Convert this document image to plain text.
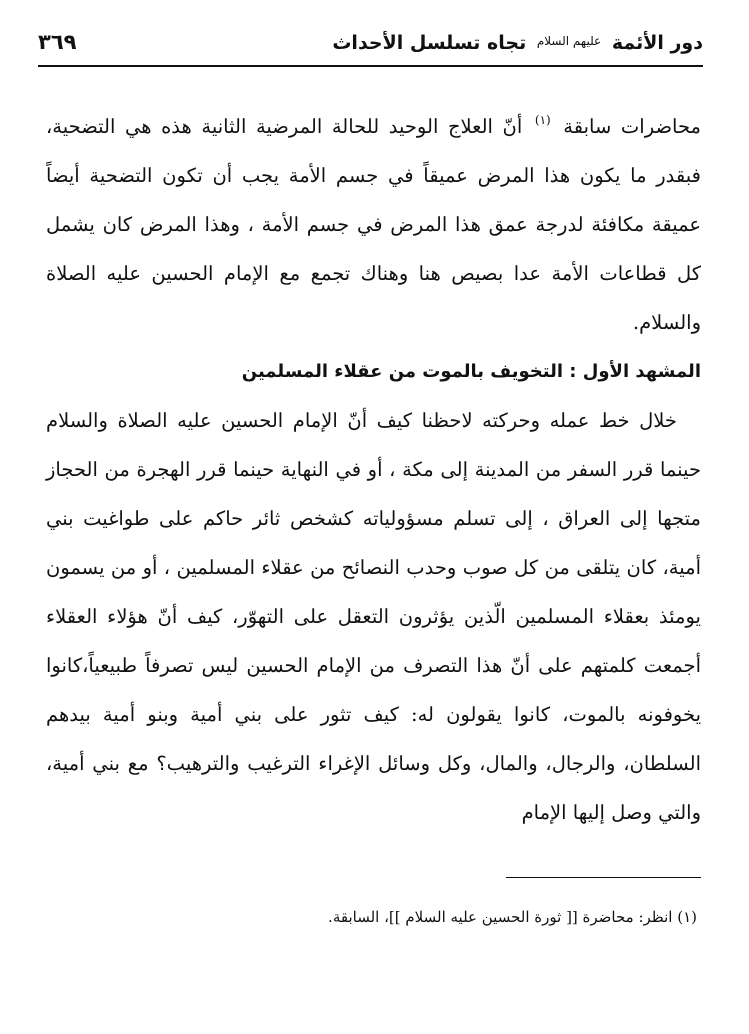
دور الأئمة $^{عليهم السلام}$ تجاه تسلسل الأحداث
٣٦٩

محاضرات سابقة $^{(١)}$ أنّ العلاج الوحيد للحالة المرضية الثانية هذه هي التضحية، فبقدر ما يكون هذا المرض عميقاً في جسم الأمة يجب أن تكون التضحية أيضاً عميقة مكافئة لدرجة عمق هذا المرض في جسم الأمة ، وهذا المرض كان يشمل كل قطاعات الأمة عدا بصيص هنا وهناك تجمع مع الإمام الحسين عليه الصلاة والسلام.

المشهد الأول : التخويف بالموت من عقلاء المسلمين

خلال خط عمله وحركته لاحظنا كيف أنّ الإمام الحسين عليه الصلاة والسلام حينما قرر السفر من المدينة إلى مكة ، أو في النهاية حينما قرر الهجرة من الحجاز متجها إلى العراق ، إلى تسلم مسؤولياته كشخص ثائر حاكم على طواغيت بني أمية، كان يتلقى من كل صوب وحدب النصائح من عقلاء المسلمين ، أو من يسمون يومئذ بعقلاء المسلمين الّذين يؤثرون التعقل على التهوّر، كيف أنّ هؤلاء العقلاء أجمعت كلمتهم على أنّ هذا التصرف من الإمام الحسين ليس تصرفاً طبيعياً،كانوا يخوفونه بالموت، كانوا يقولون له: كيف تثور على بني أمية وبنو أمية بيدهم السلطان، والرجال، والمال، وكل وسائل الإغراء الترغيب والترهيب؟ مع بني أمية، والتي وصل إليها الإمام

(١) انظر: محاضرة [[ ثورة الحسين عليه السلام ]]، السابقة.
